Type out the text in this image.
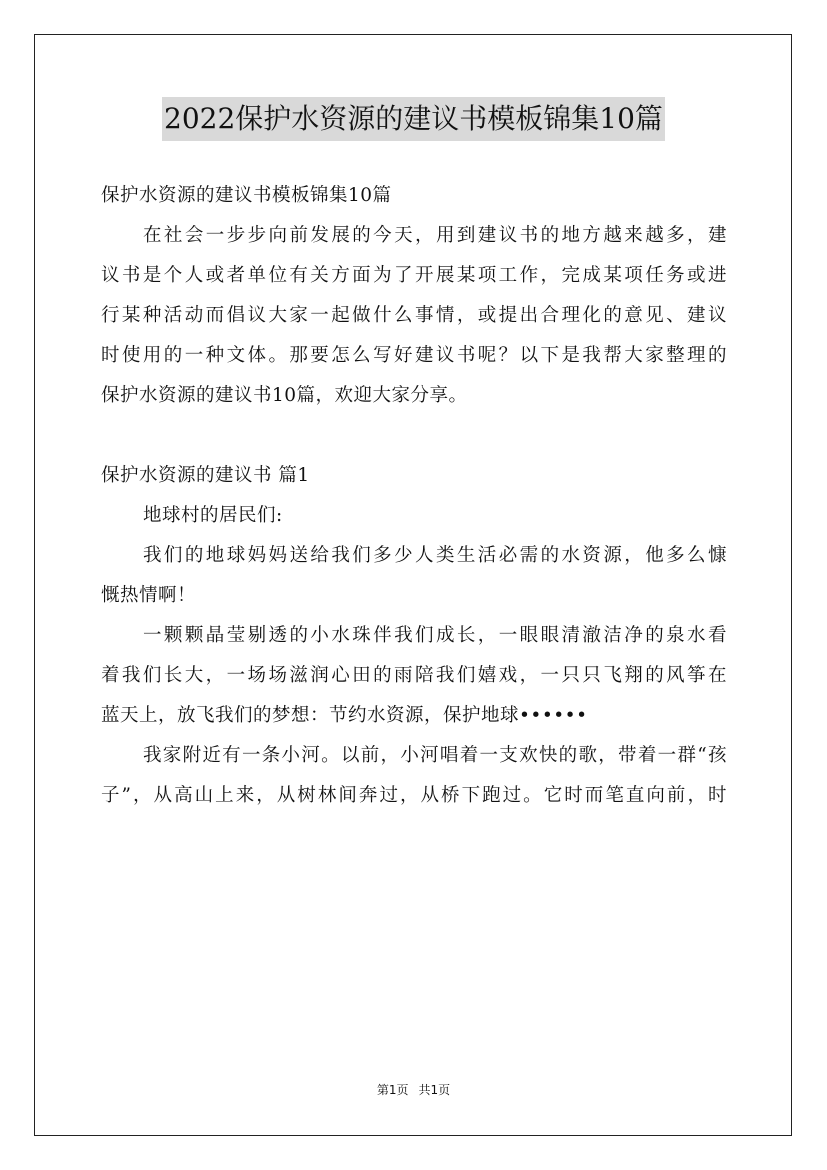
2022保护水资源的建议书模板锦集10篇
保护水资源的建议书模板锦集10篇
在社会一步步向前发展的今天，用到建议书的地方越来越多，建
议书是个人或者单位有关方面为了开展某项工作，完成某项任务或进
行某种活动而倡议大家一起做什么事情，或提出合理化的意见、建议
时使用的一种文体。那要怎么写好建议书呢？以下是我帮大家整理的
保护水资源的建议书10篇，欢迎大家分享。
保护水资源的建议书 篇1
地球村的居民们:
我们的地球妈妈送给我们多少人类生活必需的水资源，他多么慷
慨热情啊！
一颗颗晶莹剔透的小水珠伴我们成长，一眼眼清澈洁净的泉水看
着我们长大，一场场滋润心田的雨陪我们嬉戏，一只只飞翔的风筝在
蓝天上，放飞我们的梦想：节约水资源，保护地球••••••
我家附近有一条小河。以前，小河唱着一支欢快的歌，带着一群“孩
子”，从高山上来，从树林间奔过，从桥下跑过。它时而笔直向前，时
第1页 共1页
